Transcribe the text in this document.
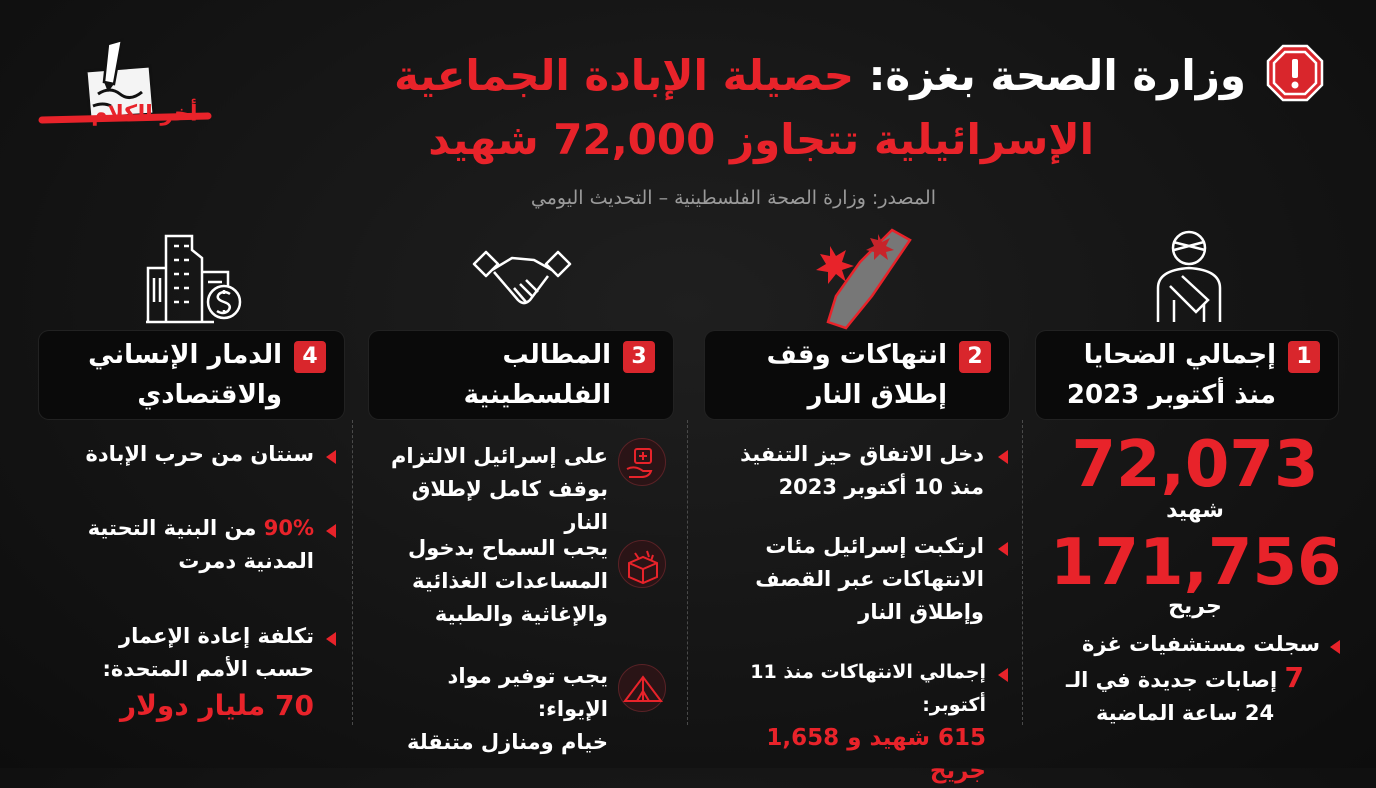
أخر الكلام
وزارة الصحة بغزة: حصيلة الإبادة الجماعية
الإسرائيلية تتجاوز 72,000 شهيد
المصدر: وزارة الصحة الفلسطينية – التحديث اليومي
1
إجمالي الضحايا
منذ أكتوبر 2023
2
انتهاكات وقف
إطلاق النار
3
المطالب
الفلسطينية
4
الدمار الإنساني
والاقتصادي
72,073
شهيد
171,756
جريح
سجلت مستشفيات غزة
7 إصابات جديدة في الـ
24 ساعة الماضية
دخل الاتفاق حيز التنفيذ
منذ 10 أكتوبر 2023
ارتكبت إسرائيل مئات
الانتهاكات عبر القصف
وإطلاق النار
إجمالي الانتهاكات منذ 11 أكتوبر:
615 شهيد و 1,658 جريح
على إسرائيل الالتزام
بوقف كامل لإطلاق النار
يجب السماح بدخول
المساعدات الغذائية
والإغاثية والطبية
يجب توفير مواد الإيواء:
خيام ومنازل متنقلة
سنتان من حرب الإبادة
90% من البنية التحتية
المدنية دمرت
تكلفة إعادة الإعمار
حسب الأمم المتحدة:
70 مليار دولار
